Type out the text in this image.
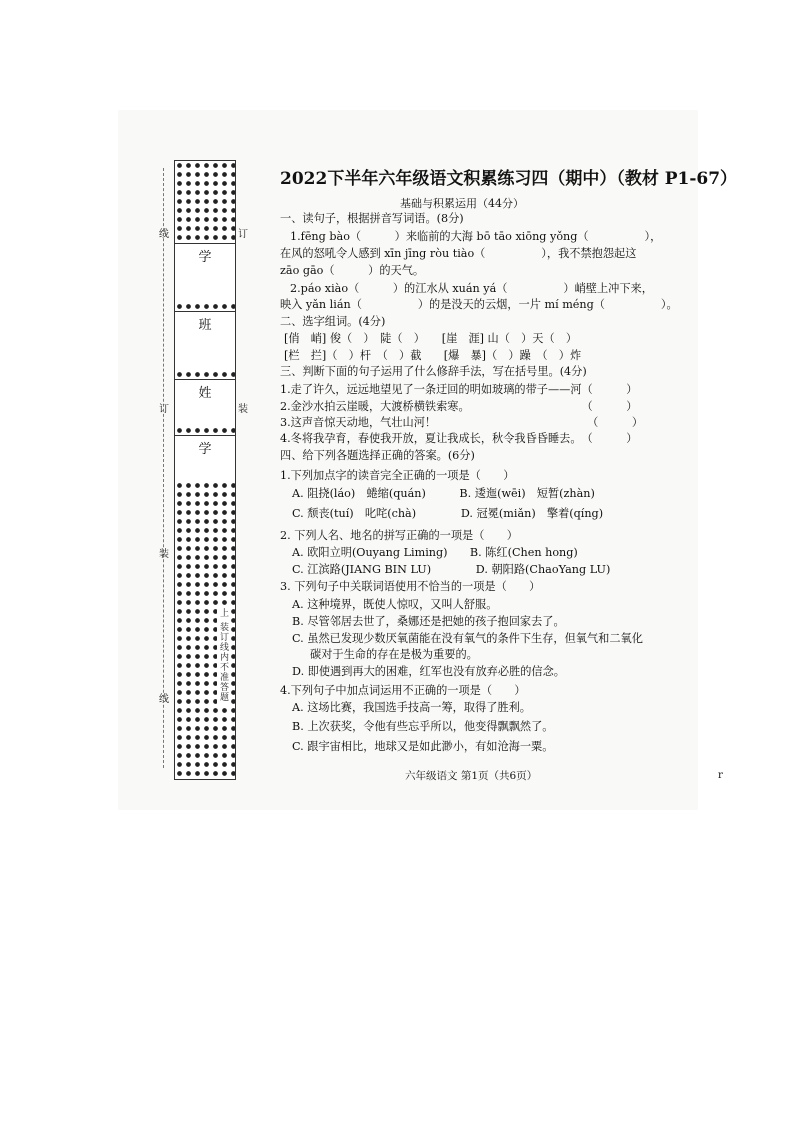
线
订
装
线
学　
班　
姓　
学　
上 装订线内不准答题
订
装
2022下半年六年级语文积累练习四（期中）（教材 P1-67）
基础与积累运用（44分）
一、读句子，根据拼音写词语。(8分)
1.fēng bào（　　　）来临前的大海 bō tāo xiōng yǒng（　　　　　），
在风的怒吼令人感到 xīn jīng ròu tiào（　　　　　），我不禁抱怨起这
zāo gāo（　　　）的天气。
2.páo xiào（　　　）的江水从 xuán yá（　　　　　）峭壁上冲下来，
映入 yǎn lián（　　　　　）的是没天的云烟，一片 mí méng（　　　　　）。
二、选字组词。(4分)
[俏　峭] 俊（　）　陡（　）　　[崖　涯] 山（　）天（　）
[栏　拦]（　）杆　（　）截　　[爆　暴]（　）躁　（　）炸
三、判断下面的句子运用了什么修辞手法，写在括号里。(4分)
1.走了许久，远远地望见了一条迂回的明如玻璃的带子——河（　　　）
2.金沙水拍云崖暖，大渡桥横铁索寒。　　　　　　　　　　　（　　　）
3.这声音惊天动地，气壮山河！　　　　　　　　　　　　　　（　　　）
4.冬将我孕育，春使我开放，夏让我成长，秋令我昏昏睡去。　（　　　）
四、给下列各题选择正确的答案。(6分)
1.下列加点字的读音完全正确的一项是（　　）
A. 阻挠(láo)　蜷缩(quán)　　　B. 逶迤(wēi)　短暂(zhàn)
C. 颓丧(tuí)　叱咤(chà)　　　　D. 冠冕(miǎn)　擎着(qíng)
2. 下列人名、地名的拼写正确的一项是（　　）
A. 欧阳立明(Ouyang Liming)　　B. 陈红(Chen hong)
C. 江滨路(JIANG BIN LU)　　　　D. 朝阳路(ChaoYang LU)
3. 下列句子中关联词语使用不恰当的一项是（　　）
A. 这种境界，既使人惊叹，又叫人舒服。
B. 尽管邻居去世了，桑娜还是把她的孩子抱回家去了。
C. 虽然已发现少数厌氧菌能在没有氧气的条件下生存，但氧气和二氧化
碳对于生命的存在是极为重要的。
D. 即使遇到再大的困难，红军也没有放弃必胜的信念。
4.下列句子中加点词运用不正确的一项是（　　）
A. 这场比赛，我国选手技高一筹，取得了胜利。
B. 上次获奖，令他有些忘乎所以，他变得飘飘然了。
C. 跟宇宙相比，地球又是如此渺小，有如沧海一粟。
六年级语文 第1页（共6页）	r
